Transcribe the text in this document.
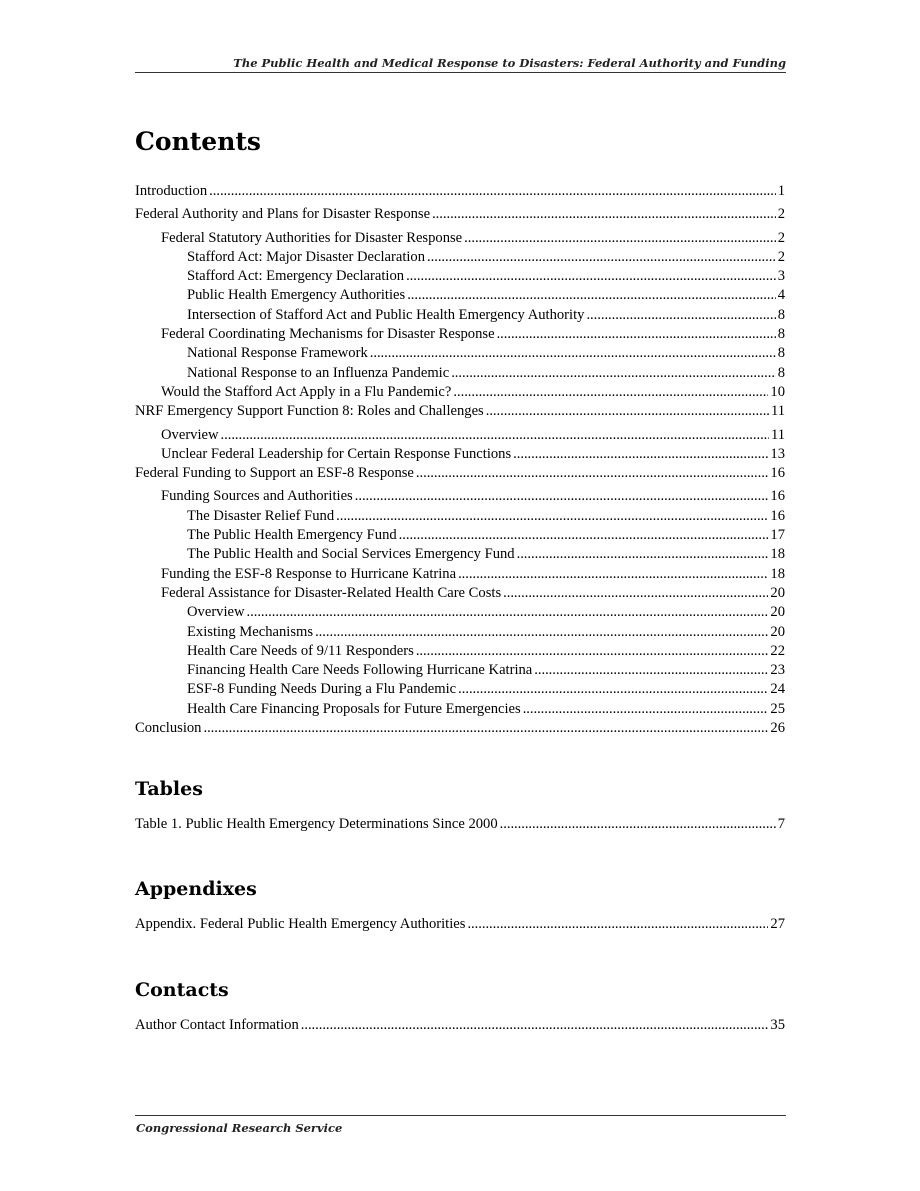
The Public Health and Medical Response to Disasters: Federal Authority and Funding
Contents
Introduction . . .	1
Federal Authority and Plans for Disaster Response . . .	2
Federal Statutory Authorities for Disaster Response . . .	2
Stafford Act: Major Disaster Declaration . . .	2
Stafford Act: Emergency Declaration . . .	3
Public Health Emergency Authorities . . .	4
Intersection of Stafford Act and Public Health Emergency Authority . . .	8
Federal Coordinating Mechanisms for Disaster Response . . .	8
National Response Framework . . .	8
National Response to an Influenza Pandemic . . .	8
Would the Stafford Act Apply in a Flu Pandemic? . . .	10
NRF Emergency Support Function 8: Roles and Challenges . . .	11
Overview . . .	11
Unclear Federal Leadership for Certain Response Functions . . .	13
Federal Funding to Support an ESF-8 Response . . .	16
Funding Sources and Authorities . . .	16
The Disaster Relief Fund . . .	16
The Public Health Emergency Fund . . .	17
The Public Health and Social Services Emergency Fund . . .	18
Funding the ESF-8 Response to Hurricane Katrina . . .	18
Federal Assistance for Disaster-Related Health Care Costs . . .	20
Overview . . .	20
Existing Mechanisms . . .	20
Health Care Needs of 9/11 Responders . . .	22
Financing Health Care Needs Following Hurricane Katrina . . .	23
ESF-8 Funding Needs During a Flu Pandemic . . .	24
Health Care Financing Proposals for Future Emergencies . . .	25
Conclusion . . .	26
Tables
Table 1. Public Health Emergency Determinations Since 2000 . . .	7
Appendixes
Appendix. Federal Public Health Emergency Authorities . . .	27
Contacts
Author Contact Information . . .	35
Congressional Research Service
